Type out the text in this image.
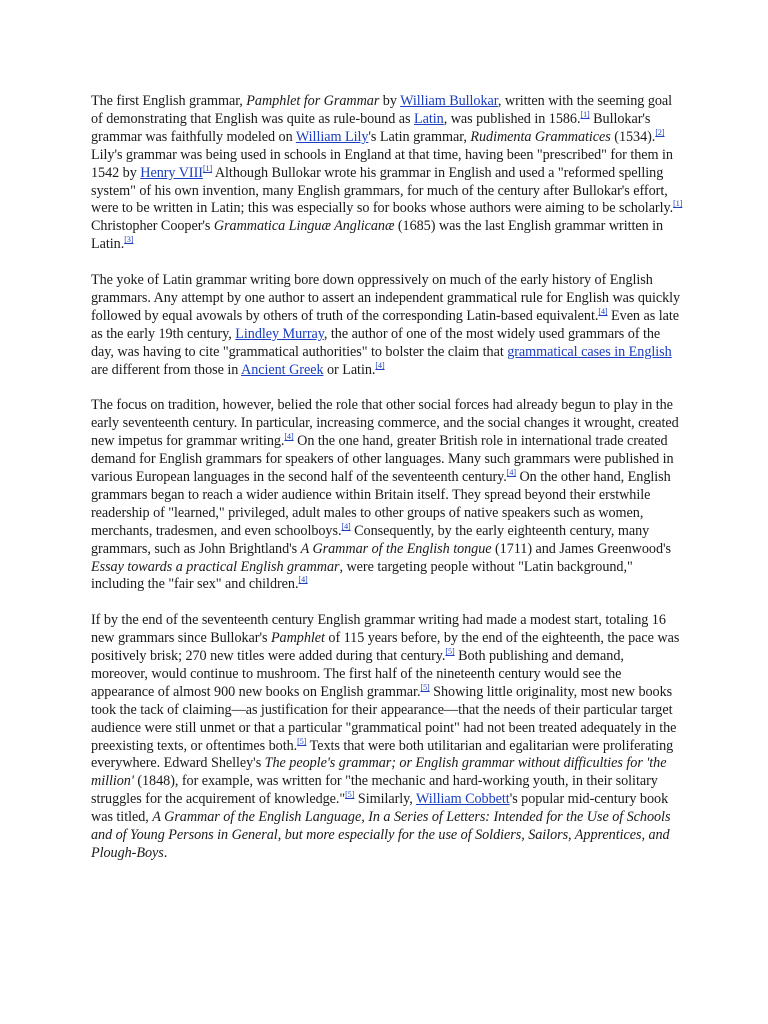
The first English grammar, Pamphlet for Grammar by William Bullokar, written with the seeming goal of demonstrating that English was quite as rule-bound as Latin, was published in 1586.[1] Bullokar's grammar was faithfully modeled on William Lily's Latin grammar, Rudimenta Grammatices (1534).[2] Lily's grammar was being used in schools in England at that time, having been "prescribed" for them in 1542 by Henry VIII[1] Although Bullokar wrote his grammar in English and used a "reformed spelling system" of his own invention, many English grammars, for much of the century after Bullokar's effort, were to be written in Latin; this was especially so for books whose authors were aiming to be scholarly.[1] Christopher Cooper's Grammatica Linguæ Anglicanæ (1685) was the last English grammar written in Latin.[3]

The yoke of Latin grammar writing bore down oppressively on much of the early history of English grammars. Any attempt by one author to assert an independent grammatical rule for English was quickly followed by equal avowals by others of truth of the corresponding Latin-based equivalent.[4] Even as late as the early 19th century, Lindley Murray, the author of one of the most widely used grammars of the day, was having to cite "grammatical authorities" to bolster the claim that grammatical cases in English are different from those in Ancient Greek or Latin.[4]

The focus on tradition, however, belied the role that other social forces had already begun to play in the early seventeenth century. In particular, increasing commerce, and the social changes it wrought, created new impetus for grammar writing.[4] On the one hand, greater British role in international trade created demand for English grammars for speakers of other languages. Many such grammars were published in various European languages in the second half of the seventeenth century.[4] On the other hand, English grammars began to reach a wider audience within Britain itself. They spread beyond their erstwhile readership of "learned," privileged, adult males to other groups of native speakers such as women, merchants, tradesmen, and even schoolboys.[4] Consequently, by the early eighteenth century, many grammars, such as John Brightland's A Grammar of the English tongue (1711) and James Greenwood's Essay towards a practical English grammar, were targeting people without "Latin background," including the "fair sex" and children.[4]

If by the end of the seventeenth century English grammar writing had made a modest start, totaling 16 new grammars since Bullokar's Pamphlet of 115 years before, by the end of the eighteenth, the pace was positively brisk; 270 new titles were added during that century.[5] Both publishing and demand, moreover, would continue to mushroom. The first half of the nineteenth century would see the appearance of almost 900 new books on English grammar.[5] Showing little originality, most new books took the tack of claiming—as justification for their appearance—that the needs of their particular target audience were still unmet or that a particular "grammatical point" had not been treated adequately in the preexisting texts, or oftentimes both.[5] Texts that were both utilitarian and egalitarian were proliferating everywhere. Edward Shelley's The people's grammar; or English grammar without difficulties for 'the million' (1848), for example, was written for "the mechanic and hard-working youth, in their solitary struggles for the acquirement of knowledge."[5] Similarly, William Cobbett's popular mid-century book was titled, A Grammar of the English Language, In a Series of Letters: Intended for the Use of Schools and of Young Persons in General, but more especially for the use of Soldiers, Sailors, Apprentices, and Plough-Boys.
